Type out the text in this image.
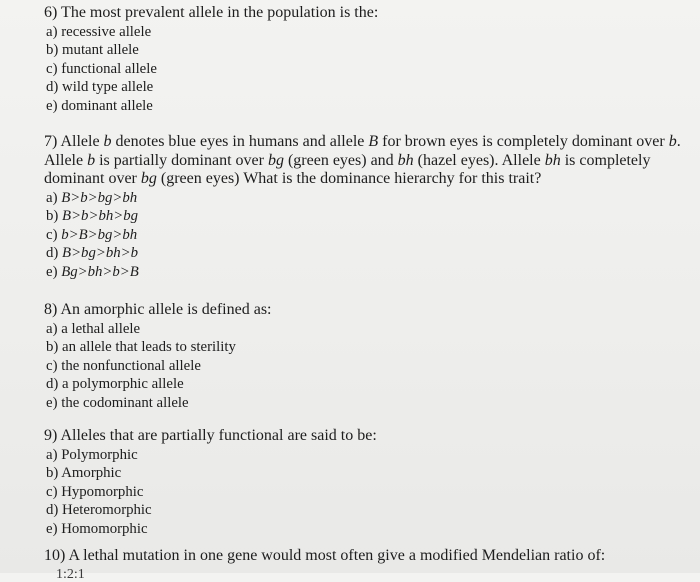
6) The most prevalent allele in the population is the:

a) recessive allele
b) mutant allele
c) functional allele
d) wild type allele
e) dominant allele

7) Allele b denotes blue eyes in humans and allele B for brown eyes is completely dominant over b. Allele b is partially dominant over bg (green eyes) and bh (hazel eyes). Allele bh is completely dominant over bg (green eyes) What is the dominance hierarchy for this trait?

a) B>b>bg>bh
b) B>b>bh>bg
c) b>B>bg>bh
d) B>bg>bh>b
e) Bg>bh>b>B

8) An amorphic allele is defined as:

a) a lethal allele
b) an allele that leads to sterility
c) the nonfunctional allele
d) a polymorphic allele
e) the codominant allele

9) Alleles that are partially functional are said to be:

a) Polymorphic
b) Amorphic
c) Hypomorphic
d) Heteromorphic
e) Homomorphic

10) A lethal mutation in one gene would most often give a modified Mendelian ratio of:

1:2:1
